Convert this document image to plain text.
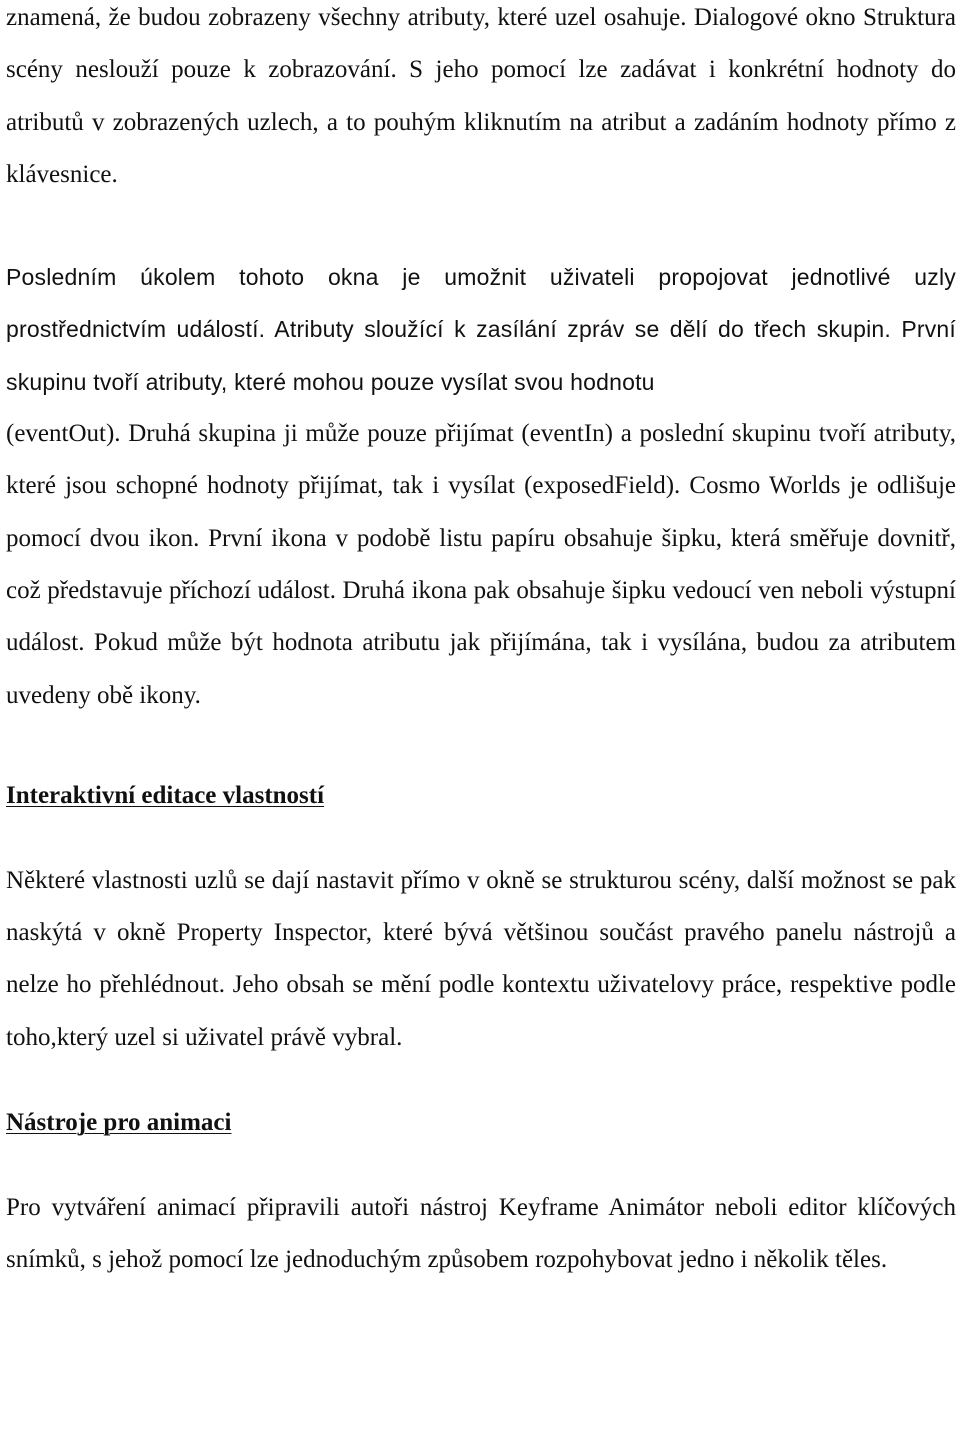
znamená, že budou zobrazeny všechny atributy, které uzel osahuje. Dialogové okno Struktura scény neslouží pouze k zobrazování. S jeho pomocí lze zadávat i konkrétní hodnoty do atributů v zobrazených uzlech, a to pouhým kliknutím na atribut a zadáním hodnoty přímo z klávesnice.

Posledním úkolem tohoto okna je umožnit uživateli propojovat jednotlivé uzly prostřednictvím událostí. Atributy sloužící k zasílání zpráv se dělí do třech skupin. První skupinu tvoří atributy, které mohou pouze vysílat svou hodnotu

(eventOut). Druhá skupina ji může pouze přijímat (eventIn) a poslední skupinu tvoří atributy, které jsou schopné hodnoty přijímat, tak i vysílat (exposedField). Cosmo Worlds je odlišuje pomocí dvou ikon. První ikona v podobě listu papíru obsahuje šipku, která směřuje dovnitř, což představuje příchozí událost. Druhá ikona pak obsahuje šipku vedoucí ven neboli výstupní událost. Pokud může být hodnota atributu jak přijímána, tak i vysílána, budou za atributem uvedeny obě ikony.

Interaktivní editace vlastností

Některé vlastnosti uzlů se dají nastavit přímo v okně se strukturou scény, další možnost se pak naskýtá v okně Property Inspector, které bývá většinou součást pravého panelu nástrojů a nelze ho přehlédnout. Jeho obsah se mění podle kontextu uživatelovy práce, respektive podle toho,který uzel si uživatel právě vybral.

Nástroje pro animaci

Pro vytváření animací připravili autoři nástroj Keyframe Animátor neboli editor klíčových snímků, s jehož pomocí lze jednoduchým způsobem rozpohybovat jedno i několik těles.
